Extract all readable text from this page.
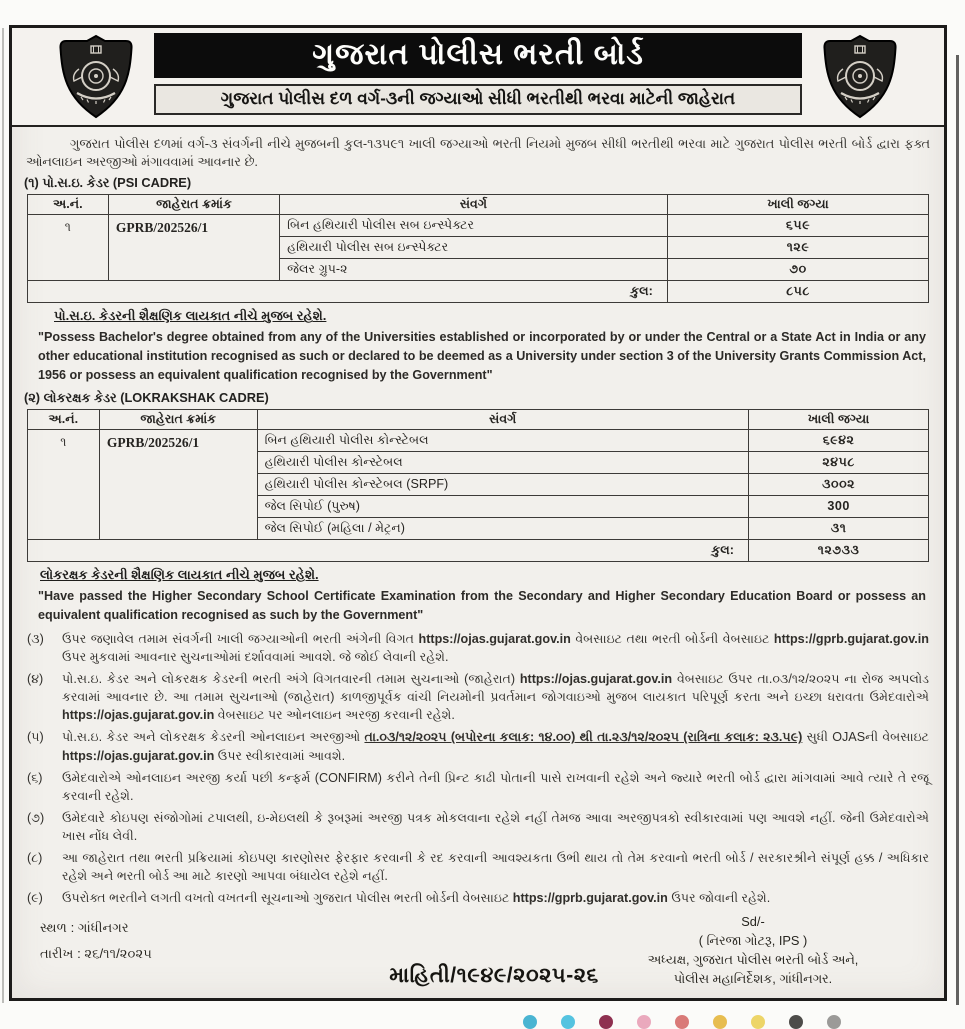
ગુજરાત પોલીસ ભરતી બોર્ડ
ગુજરાત પોલીસ દળ વર્ગ-૩ની જગ્યાઓ સીધી ભરતીથી ભરવા માટેની જાહેરાત

ગુજરાત પોલીસ દળમાં વર્ગ-૩ સંવર્ગની નીચે મુજબની કુલ-૧૩૫૯૧ ખાલી જગ્યાઓ ભરતી નિયમો મુજબ સીધી ભરતીથી ભરવા માટે ગુજરાત પોલીસ ભરતી બોર્ડ દ્વારા ફક્ત ઓનલાઇન અરજીઓ મંગાવવામાં આવનાર છે.

(૧) પો.સ.ઇ. કેડર (PSI CADRE)
અ.નં.	જાહેરાત ક્રમાંક	સંવર્ગ	ખાલી જગ્યા
૧	GPRB/202526/1	બિન હથિયારી પોલીસ સબ ઇન્સ્પેક્ટર	૬૫૯
		હથિયારી પોલીસ સબ ઇન્સ્પેક્ટર	૧૨૯
		જેલર ગ્રુપ-૨	૭૦
કુલ:			૮૫૮
પો.સ.ઇ. કેડરની શૈક્ષણિક લાયકાત નીચે મુજબ રહેશે.

"Possess Bachelor's degree obtained from any of the Universities established or incorporated by or under the Central or a State Act in India or any other educational institution recognised as such or declared to be deemed as a University under section 3 of the University Grants Commission Act, 1956 or possess an equivalent qualification recognised by the Government"

(૨) લોકરક્ષક કેડર (LOKRAKSHAK CADRE)
અ.નં.	જાહેરાત ક્રમાંક	સંવર્ગ	ખાલી જગ્યા
૧	GPRB/202526/1	બિન હથિયારી પોલીસ કોન્સ્ટેબલ	૬૯૪૨
		હથિયારી પોલીસ કોન્સ્ટેબલ	૨૪૫૮
		હથિયારી પોલીસ કોન્સ્ટેબલ (SRPF)	૩૦૦૨
		જેલ સિપોઈ (પુરુષ)	300
		જેલ સિપોઈ (મહિલા / મેટ્રન)	૩૧
કુલ:			૧૨૭૩૩
લોકરક્ષક કેડરની શૈક્ષણિક લાયકાત નીચે મુજબ રહેશે.

"Have passed the Higher Secondary School Certificate Examination from the Secondary and Higher Secondary Education Board or possess an equivalent qualification recognised as such by the Government"

(૩)	ઉપર જણાવેલ તમામ સંવર્ગની ખાલી જગ્યાઓની ભરતી અંગેની વિગત https://ojas.gujarat.gov.in વેબસાઇટ તથા ભરતી બોર્ડની વેબસાઇટ https://gprb.gujarat.gov.in ઉપર મુકવામાં આવનાર સુચનાઓમાં દર્શાવવામાં આવશે. જે જોઈ લેવાની રહેશે.
(૪)	પો.સ.ઇ. કેડર અને લોકરક્ષક કેડરની ભરતી અંગે વિગતવારની તમામ સુચનાઓ (જાહેરાત) https://ojas.gujarat.gov.in વેબસાઇટ ઉપર તા.૦૩/૧૨/૨૦૨૫ ના રોજ અપલોડ કરવામાં આવનાર છે. આ તમામ સુચનાઓ (જાહેરાત) કાળજીપૂર્વક વાંચી નિયમોની પ્રવર્તમાન જોગવાઇઓ મુજબ લાયકાત પરિપૂર્ણ કરતા અને ઇચ્છા ધરાવતા ઉમેદવારોએ https://ojas.gujarat.gov.in વેબસાઇટ પર ઓનલાઇન અરજી કરવાની રહેશે.
(૫)	પો.સ.ઇ. કેડર અને લોકરક્ષક કેડરની ઓનલાઇન અરજીઓ તા.૦૩/૧૨/૨૦૨૫ (બપોરના કલાક: ૧૪.૦૦) થી તા.૨૩/૧૨/૨૦૨૫ (રાત્રિના કલાક: ૨૩.૫૯) સુધી OJASની વેબસાઇટ https://ojas.gujarat.gov.in ઉપર સ્વીકારવામાં આવશે.
(૬)	ઉમેદવારોએ ઓનલાઇન અરજી કર્યા પછી કન્ફર્મ (CONFIRM) કરીને તેની પ્રિન્ટ કાઢી પોતાની પાસે રાખવાની રહેશે અને જ્યારે ભરતી બોર્ડ દ્વારા માંગવામાં આવે ત્યારે તે રજૂ કરવાની રહેશે.
(૭)	ઉમેદવારે કોઇપણ સંજોગોમાં ટપાલથી, ઇ-મેઇલથી કે રૂબરૂમાં અરજી પત્રક મોકલવાના રહેશે નહીં તેમજ આવા અરજીપત્રકો સ્વીકારવામાં પણ આવશે નહીં. જેની ઉમેદવારોએ ખાસ નોંધ લેવી.
(૮)	આ જાહેરાત તથા ભરતી પ્રક્રિયામાં કોઇપણ કારણોસર ફેરફાર કરવાની કે રદ કરવાની આવશ્યકતા ઉભી થાય તો તેમ કરવાનો ભરતી બોર્ડ / સરકારશ્રીને સંપૂર્ણ હક્ક / અધિકાર રહેશે અને ભરતી બોર્ડ આ માટે કારણો આપવા બંધાયેલ રહેશે નહીં.
(૯)	ઉપરોક્ત ભરતીને લગતી વખતો વખતની સૂચનાઓ ગુજરાત પોલીસ ભરતી બોર્ડની વેબસાઇટ https://gprb.gujarat.gov.in ઉપર જોવાની રહેશે.
સ્થળ : ગાંધીનગર
તારીખ : ૨૬/૧૧/૨૦૨૫
Sd/-
( નિરજા ગોટરૂ, IPS )
અધ્યક્ષ, ગુજરાત પોલીસ ભરતી બોર્ડ અને,
પોલીસ મહાનિર્દેશક, ગાંધીનગર.
માહિતી/૧૯૪૯/૨૦૨૫-૨૬
